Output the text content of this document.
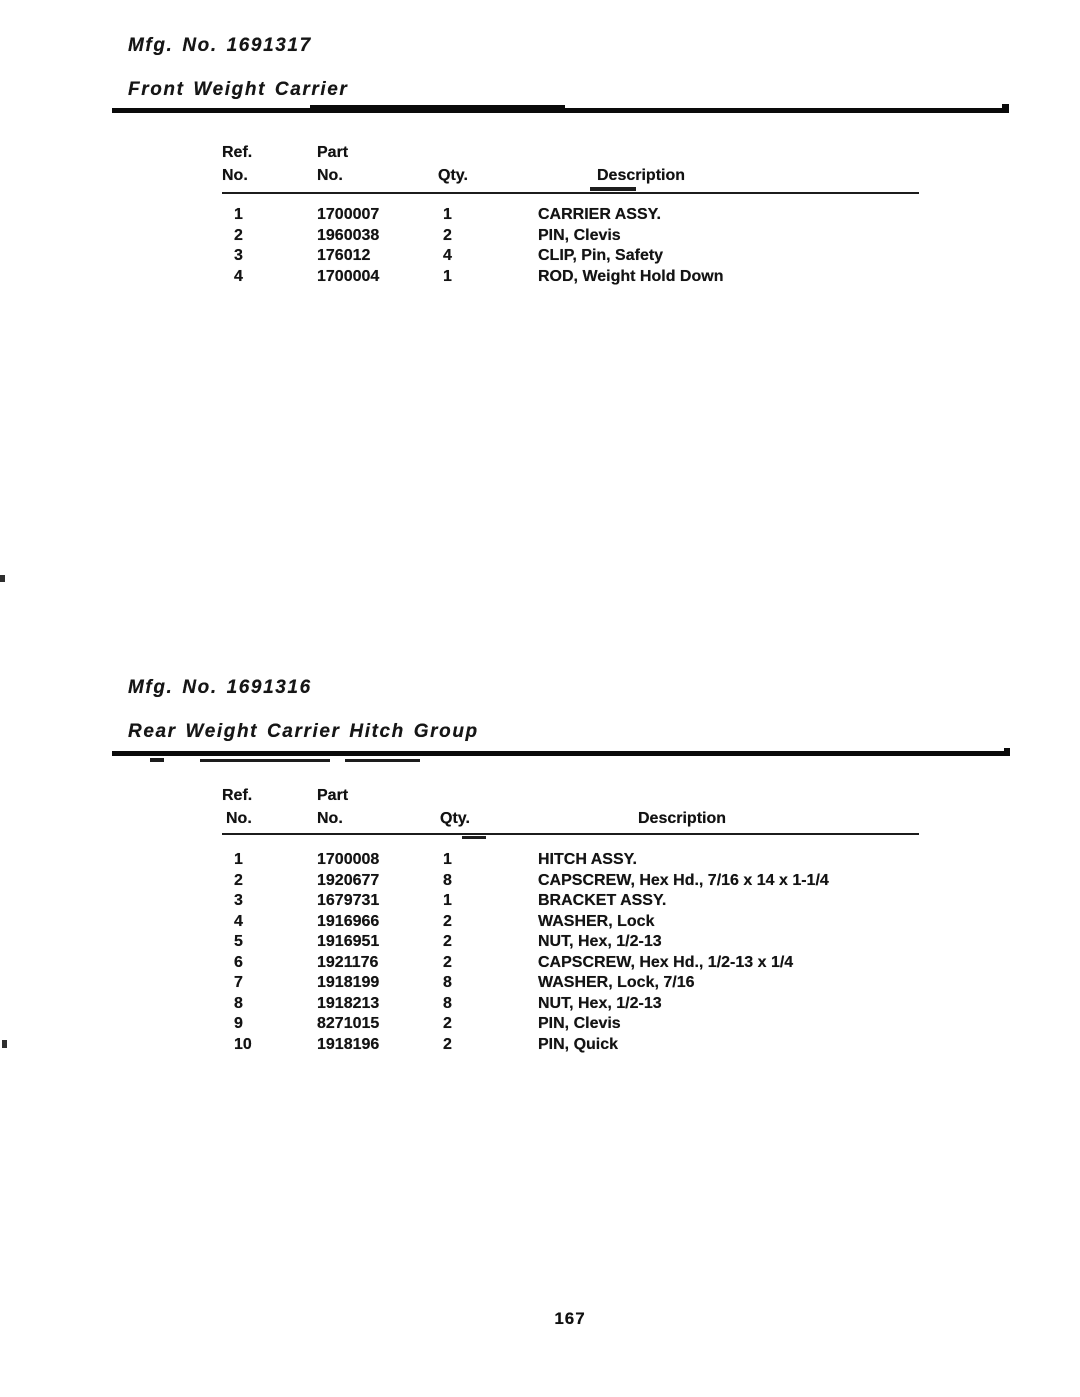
Mfg. No. 1691317
Front Weight Carrier
Ref.	Part
No.	No.	Qty.	Description
1	1700007	1	CARRIER ASSY.
2	1960038	2	PIN, Clevis
3	176012	4	CLIP, Pin, Safety
4	1700004	1	ROD, Weight Hold Down
Mfg. No. 1691316
Rear Weight Carrier Hitch Group
Ref.	Part
No.	No.	Qty.	Description
1	1700008	1	HITCH ASSY.
2	1920677	8	CAPSCREW, Hex Hd., 7/16 x 14 x 1-1/4
3	1679731	1	BRACKET ASSY.
4	1916966	2	WASHER, Lock
5	1916951	2	NUT, Hex, 1/2-13
6	1921176	2	CAPSCREW, Hex Hd., 1/2-13 x 1/4
7	1918199	8	WASHER, Lock, 7/16
8	1918213	8	NUT, Hex, 1/2-13
9	8271015	2	PIN, Clevis
10	1918196	2	PIN, Quick
167
